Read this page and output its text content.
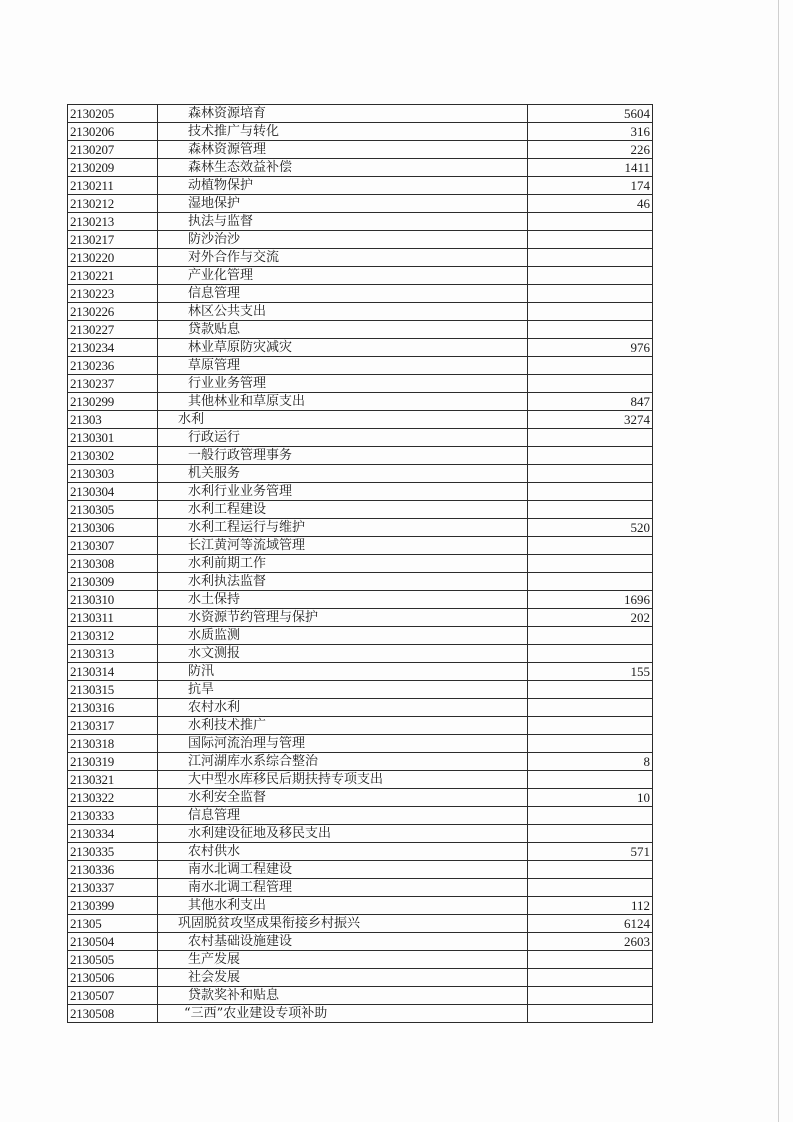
2130205	森林资源培育	5604
2130206	技术推广与转化	316
2130207	森林资源管理	226
2130209	森林生态效益补偿	1411
2130211	动植物保护	174
2130212	湿地保护	46
2130213	执法与监督	
2130217	防沙治沙	
2130220	对外合作与交流	
2130221	产业化管理	
2130223	信息管理	
2130226	林区公共支出	
2130227	贷款贴息	
2130234	林业草原防灾减灾	976
2130236	草原管理	
2130237	行业业务管理	
2130299	其他林业和草原支出	847
21303	水利	3274
2130301	行政运行	
2130302	一般行政管理事务	
2130303	机关服务	
2130304	水利行业业务管理	
2130305	水利工程建设	
2130306	水利工程运行与维护	520
2130307	长江黄河等流域管理	
2130308	水利前期工作	
2130309	水利执法监督	
2130310	水土保持	1696
2130311	水资源节约管理与保护	202
2130312	水质监测	
2130313	水文测报	
2130314	防汛	155
2130315	抗旱	
2130316	农村水利	
2130317	水利技术推广	
2130318	国际河流治理与管理	
2130319	江河湖库水系综合整治	8
2130321	大中型水库移民后期扶持专项支出	
2130322	水利安全监督	10
2130333	信息管理	
2130334	水利建设征地及移民支出	
2130335	农村供水	571
2130336	南水北调工程建设	
2130337	南水北调工程管理	
2130399	其他水利支出	112
21305	巩固脱贫攻坚成果衔接乡村振兴	6124
2130504	农村基础设施建设	2603
2130505	生产发展	
2130506	社会发展	
2130507	贷款奖补和贴息	
2130508	“三西”农业建设专项补助	
